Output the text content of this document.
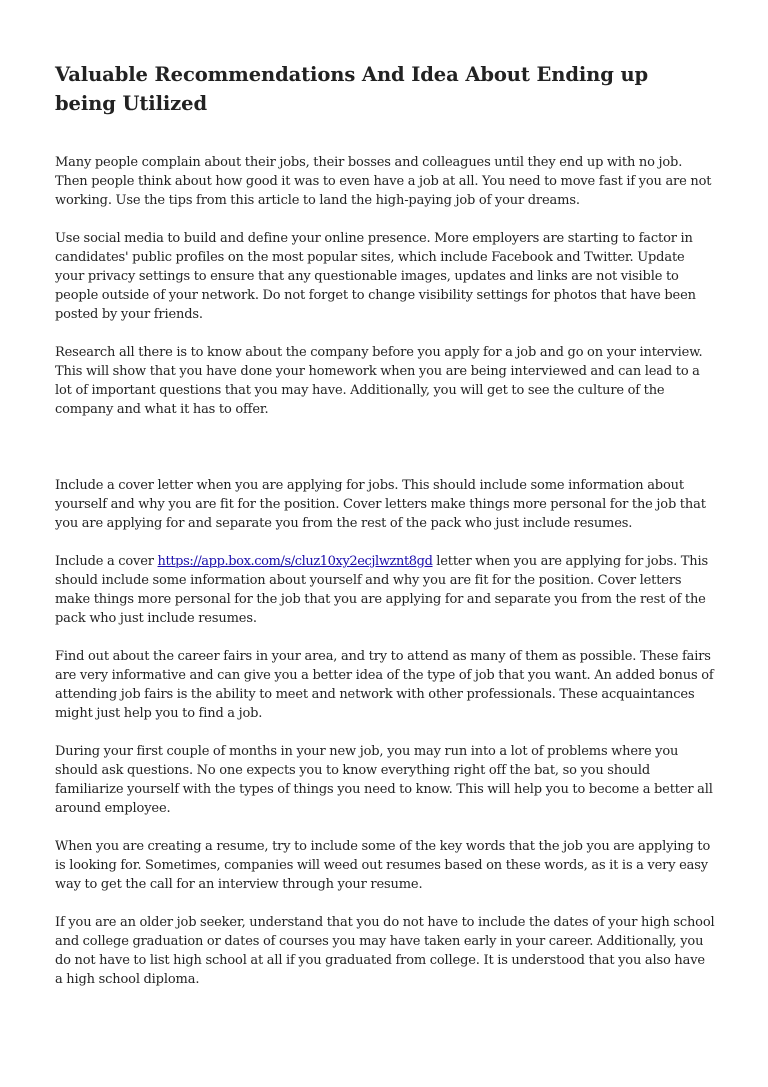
Valuable Recommendations And Idea About Ending up being Utilized

Many people complain about their jobs, their bosses and colleagues until they end up with no job. Then people think about how good it was to even have a job at all. You need to move fast if you are not working. Use the tips from this article to land the high-paying job of your dreams.

Use social media to build and define your online presence. More employers are starting to factor in candidates' public profiles on the most popular sites, which include Facebook and Twitter. Update your privacy settings to ensure that any questionable images, updates and links are not visible to people outside of your network. Do not forget to change visibility settings for photos that have been posted by your friends.

Research all there is to know about the company before you apply for a job and go on your interview. This will show that you have done your homework when you are being interviewed and can lead to a lot of important questions that you may have. Additionally, you will get to see the culture of the company and what it has to offer.

Include a cover letter when you are applying for jobs. This should include some information about yourself and why you are fit for the position. Cover letters make things more personal for the job that you are applying for and separate you from the rest of the pack who just include resumes.

Include a cover https://app.box.com/s/cluz10xy2ecjlwznt8gd letter when you are applying for jobs. This should include some information about yourself and why you are fit for the position. Cover letters make things more personal for the job that you are applying for and separate you from the rest of the pack who just include resumes.

Find out about the career fairs in your area, and try to attend as many of them as possible. These fairs are very informative and can give you a better idea of the type of job that you want. An added bonus of attending job fairs is the ability to meet and network with other professionals. These acquaintances might just help you to find a job.

During your first couple of months in your new job, you may run into a lot of problems where you should ask questions. No one expects you to know everything right off the bat, so you should familiarize yourself with the types of things you need to know. This will help you to become a better all around employee.

When you are creating a resume, try to include some of the key words that the job you are applying to is looking for. Sometimes, companies will weed out resumes based on these words, as it is a very easy way to get the call for an interview through your resume.

If you are an older job seeker, understand that you do not have to include the dates of your high school and college graduation or dates of courses you may have taken early in your career. Additionally, you do not have to list high school at all if you graduated from college. It is understood that you also have a high school diploma.
